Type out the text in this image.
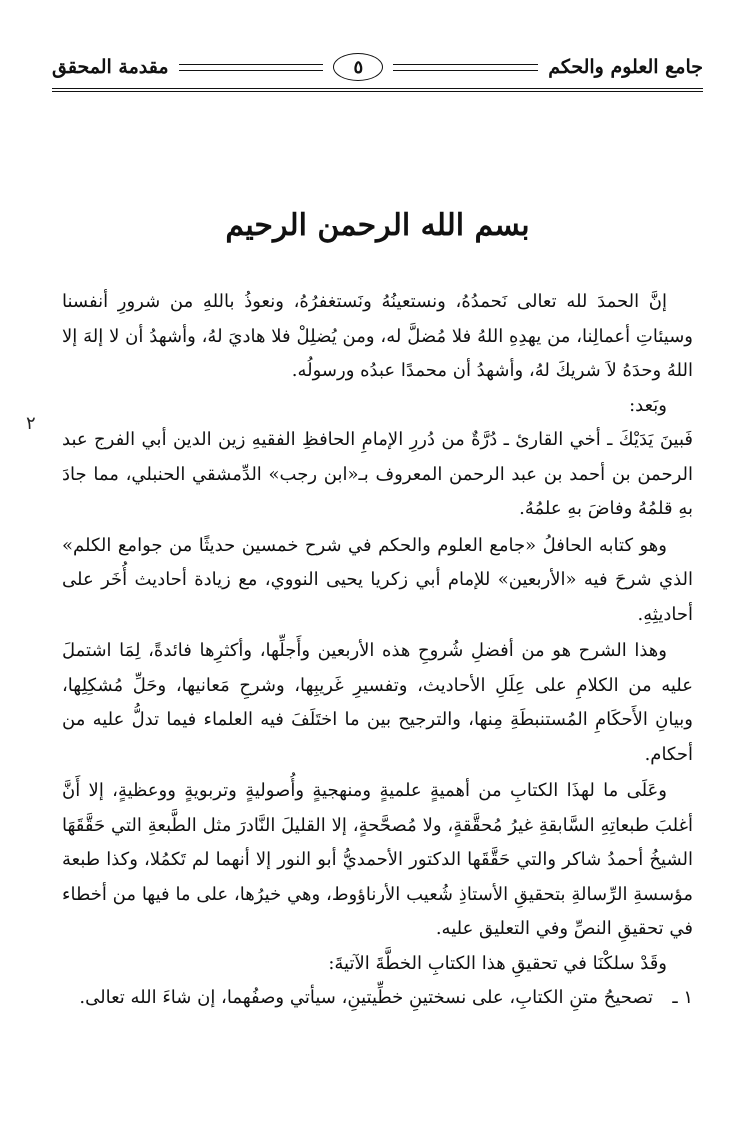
جامع العلوم والحكم
٥
مقدمة المحقق
بسم الله الرحمن الرحيم
٢

إنَّ الحمدَ لله تعالى نَحمدُهُ، ونستعينُهُ ونَستغفرُهُ، ونعوذُ باللهِ من شرورِ أنفسنا وسيئاتِ أعمالِنا، من يهدِهِ اللهُ فلا مُضلَّ له، ومن يُضلِلْ فلا هاديَ لهُ، وأشهدُ أن لا إلهَ إلا اللهُ وحدَهُ لاَ شريكَ لهُ، وأشهدُ أن محمدًا عبدُه ورسولُه.

وبَعد:

فَبينَ يَدَيْكَ ـ أخي القارئ ـ دُرَّةٌ من دُررِ الإمامِ الحافظِ الفقيهِ زين الدين أبي الفرج عبد الرحمن بن أحمد بن عبد الرحمن المعروف بـ«ابن رجب» الدِّمشقي الحنبلي، مما جادَ بهِ قلمُهُ وفاضَ بهِ علمُهُ.

وهو كتابه الحافلُ «جامع العلوم والحكم في شرح خمسين حديثًا من جوامع الكلم» الذي شرحَ فيه «الأربعين» للإمام أبي زكريا يحيى النووي، مع زيادة أحاديث أُخَر على أحاديثِهِ.

وهذا الشرح هو من أفضلِ شُروحِ هذه الأربعين وأَجلِّها، وأكثرِها فائدةً، لِمَا اشتملَ عليه من الكلامِ على عِلَلِ الأحاديث، وتفسيرِ غَريبِها، وشرحِ مَعانيها، وحَلِّ مُشكِلِها، وبيانِ الأَحكَامِ المُستنبطَةِ مِنها، والترجيح بين ما اختَلَفَ فيه العلماء فيما تدلُّ عليه من أحكام.

وعَلَى ما لهذَا الكتابِ من أهميةٍ علميةٍ ومنهجيةٍ وأُصوليةٍ وتربويةٍ ووعظيةٍ، إلا أَنَّ أغلبَ طبعاتِهِ السَّابقةِ غيرُ مُحقَّقةٍ، ولا مُصحَّحةٍ، إلا القليلَ النَّادرَ مثل الطَّبعةِ التي حَقَّقَهَا الشيخُ أحمدُ شاكر والتي حَقَّقَها الدكتور الأحمديُّ أبو النور إلا أنهما لم تَكمُلا، وكذا طبعة مؤسسةِ الرِّسالةِ بتحقيقِ الأستاذِ شُعيب الأرناؤوط، وهي خيرُها، على ما فيها من أخطاء في تحقيقِ النصِّ وفي التعليق عليه.

وقَدْ سلكْنَا في تحقيقِ هذا الكتابِ الخطَّةَ الآتيةَ:

١ ـ
تصحيحُ متنِ الكتابِ، على نسختينِ خطِّيتينِ، سيأتي وصفُهما، إن شاءَ الله تعالى.
